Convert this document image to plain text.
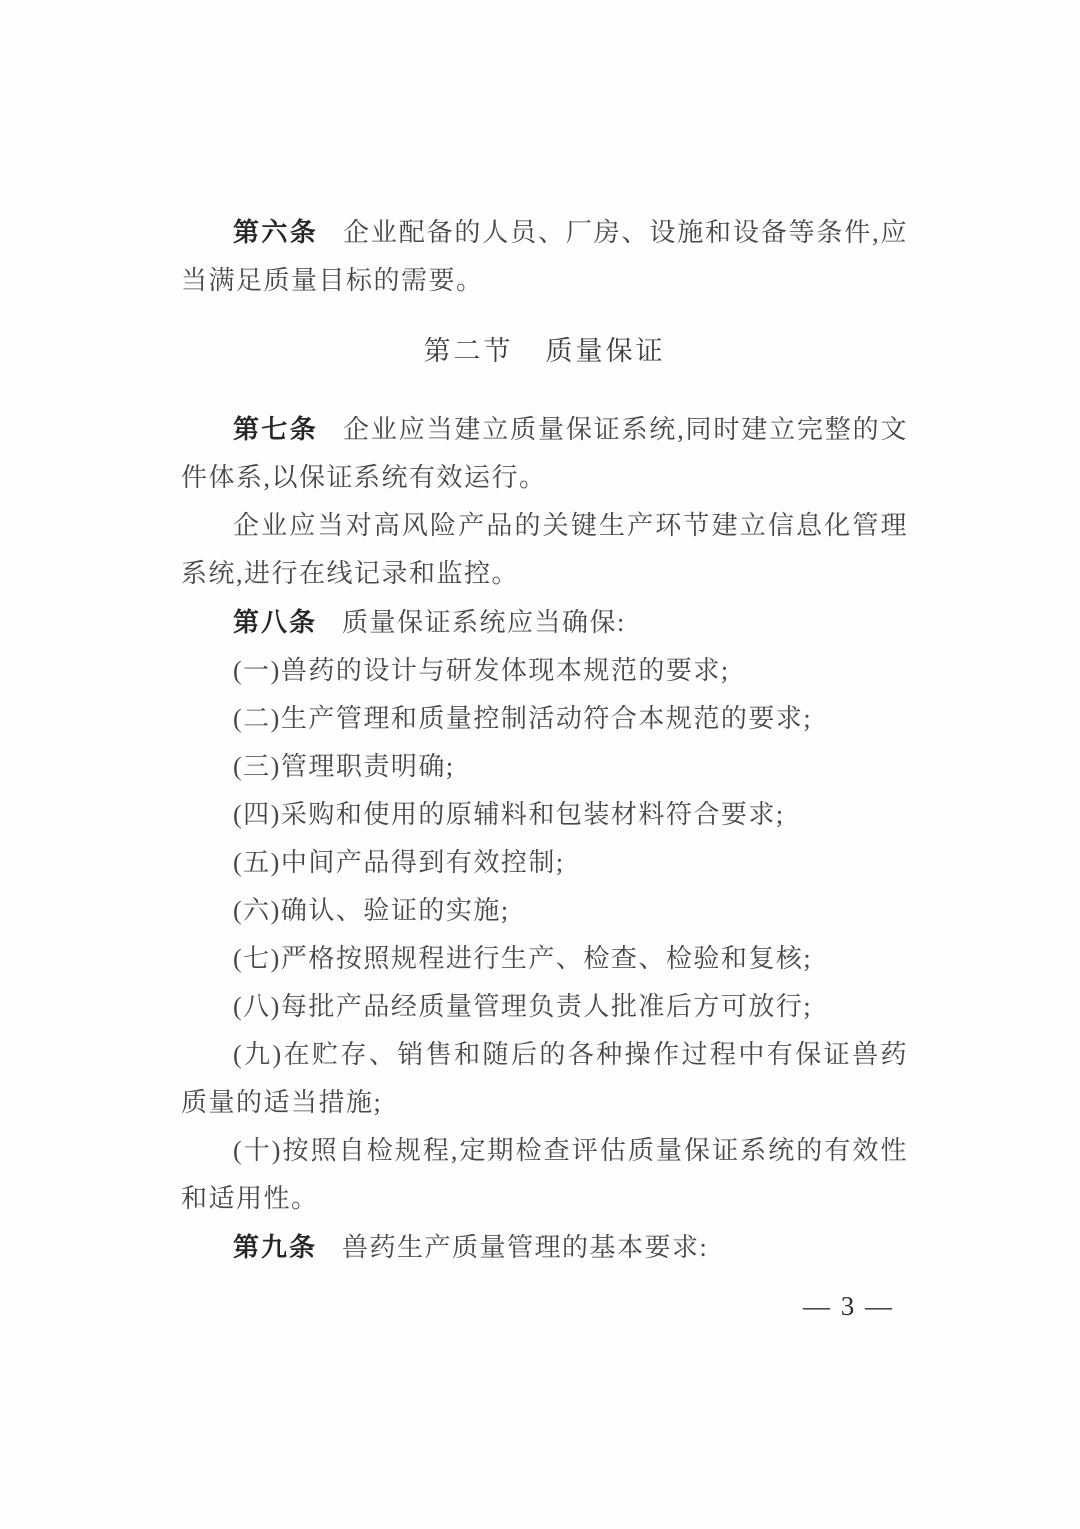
第六条 企业配备的人员、厂房、设施和设备等条件,应当满足质量目标的需要。

第二节 质量保证

第七条 企业应当建立质量保证系统,同时建立完整的文件体系,以保证系统有效运行。

企业应当对高风险产品的关键生产环节建立信息化管理系统,进行在线记录和监控。

第八条 质量保证系统应当确保:

(一)兽药的设计与研发体现本规范的要求;

(二)生产管理和质量控制活动符合本规范的要求;

(三)管理职责明确;

(四)采购和使用的原辅料和包装材料符合要求;

(五)中间产品得到有效控制;

(六)确认、验证的实施;

(七)严格按照规程进行生产、检查、检验和复核;

(八)每批产品经质量管理负责人批准后方可放行;

(九)在贮存、销售和随后的各种操作过程中有保证兽药质量的适当措施;

(十)按照自检规程,定期检查评估质量保证系统的有效性和适用性。

第九条 兽药生产质量管理的基本要求:

— 3 —
